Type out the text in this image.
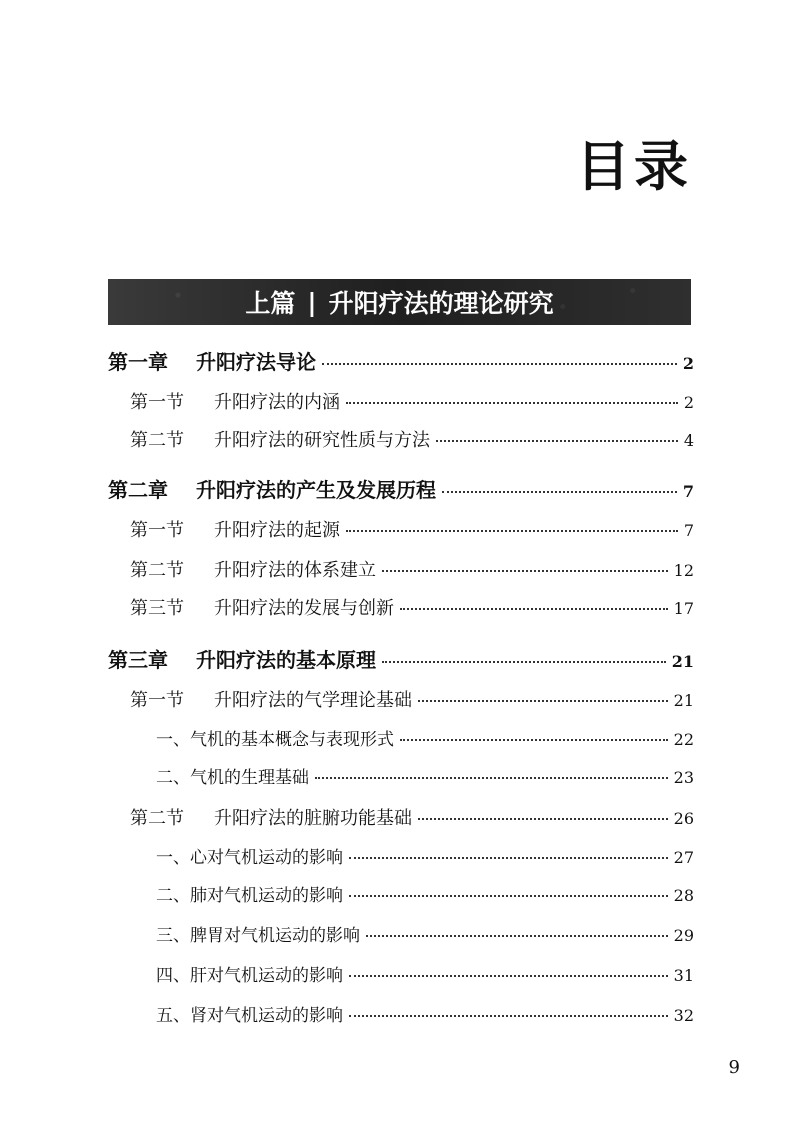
目录
上篇 | 升阳疗法的理论研究
第一章 升阳疗法导论	2
第一节 升阳疗法的内涵	2
第二节 升阳疗法的研究性质与方法	4
第二章 升阳疗法的产生及发展历程	7
第一节 升阳疗法的起源	7
第二节 升阳疗法的体系建立	12
第三节 升阳疗法的发展与创新	17
第三章 升阳疗法的基本原理	21
第一节 升阳疗法的气学理论基础	21
一、气机的基本概念与表现形式	22
二、气机的生理基础	23
第二节 升阳疗法的脏腑功能基础	26
一、心对气机运动的影响	27
二、肺对气机运动的影响	28
三、脾胃对气机运动的影响	29
四、肝对气机运动的影响	31
五、肾对气机运动的影响	32
9
